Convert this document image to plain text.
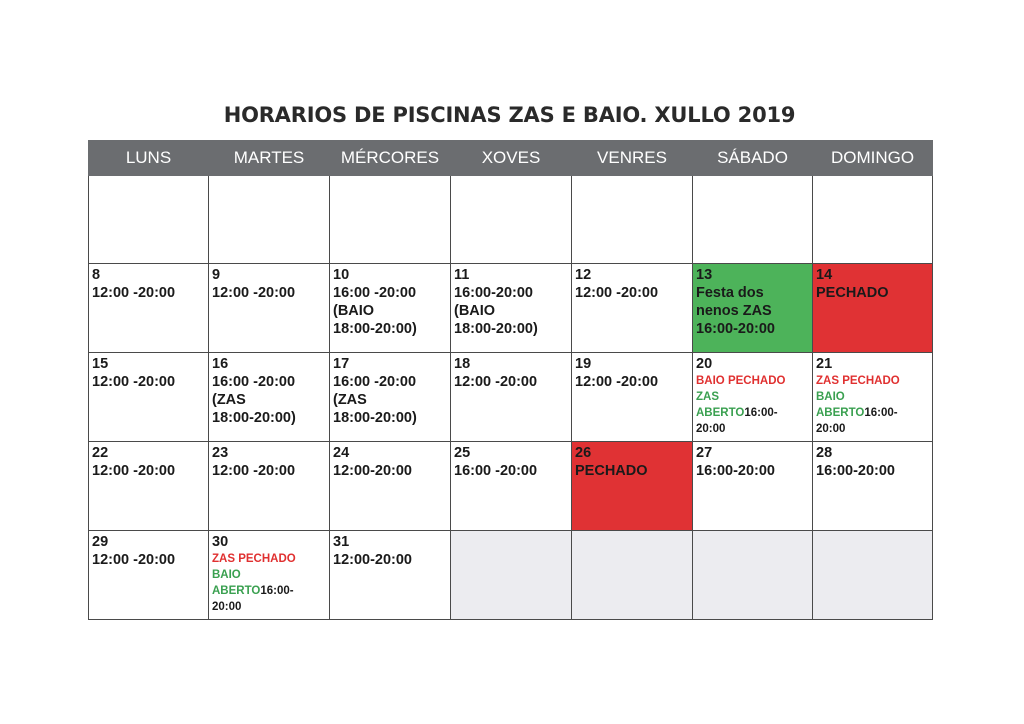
HORARIOS DE PISCINAS ZAS E BAIO. XULLO 2019
LUNS	MARTES	MÉRCORES	XOVES	VENRES	SÁBADO	DOMINGO

8
12:00 -20:00	9
12:00 -20:00	10
16:00 -20:00
(BAIO
18:00-20:00)	11
16:00-20:00
(BAIO
18:00-20:00)	12
12:00 -20:00	13
Festa dos
nenos ZAS
16:00-20:00	14
PECHADO

15
12:00 -20:00	16
16:00 -20:00
(ZAS
18:00-20:00)	17
16:00 -20:00
(ZAS
18:00-20:00)	18
12:00 -20:00	19
12:00 -20:00	20
BAIO PECHADO
ZAS
ABERTO16:00-
20:00	21
ZAS PECHADO
BAIO
ABERTO16:00-
20:00

22
12:00 -20:00	23
12:00 -20:00	24
12:00-20:00	25
16:00 -20:00	26
PECHADO	27
16:00-20:00	28
16:00-20:00

29
12:00 -20:00	30
ZAS PECHADO
BAIO
ABERTO16:00-
20:00	31
12:00-20:00				
